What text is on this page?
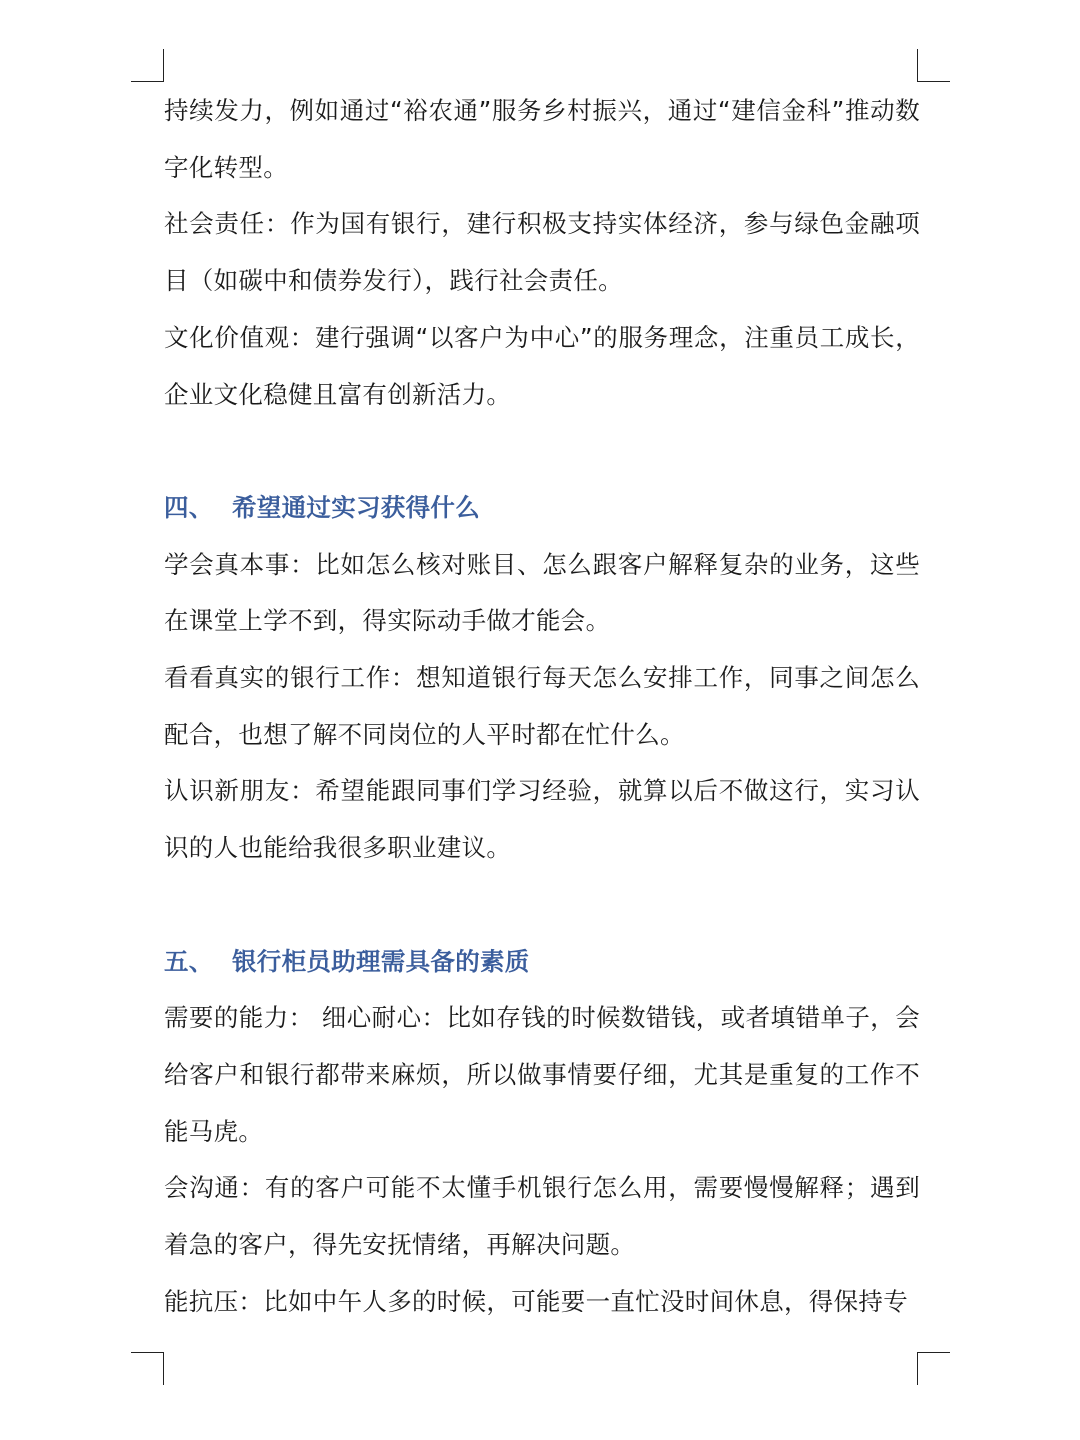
持续发力，例如通过“裕农通”服务乡村振兴，通过“建信金科”推动数字化转型。

社会责任：作为国有银行，建行积极支持实体经济，参与绿色金融项目（如碳中和债券发行），践行社会责任。

文化价值观：建行强调“以客户为中心”的服务理念，注重员工成长，企业文化稳健且富有创新活力。

四、 希望通过实习获得什么

学会真本事：比如怎么核对账目、怎么跟客户解释复杂的业务，这些在课堂上学不到，得实际动手做才能会。

看看真实的银行工作：想知道银行每天怎么安排工作，同事之间怎么配合，也想了解不同岗位的人平时都在忙什么。

认识新朋友：希望能跟同事们学习经验，就算以后不做这行，实习认识的人也能给我很多职业建议。

五、 银行柜员助理需具备的素质

需要的能力： 细心耐心：比如存钱的时候数错钱，或者填错单子，会给客户和银行都带来麻烦，所以做事情要仔细，尤其是重复的工作不能马虎。

会沟通：有的客户可能不太懂手机银行怎么用，需要慢慢解释；遇到着急的客户，得先安抚情绪，再解决问题。

能抗压：比如中午人多的时候，可能要一直忙没时间休息，得保持专
